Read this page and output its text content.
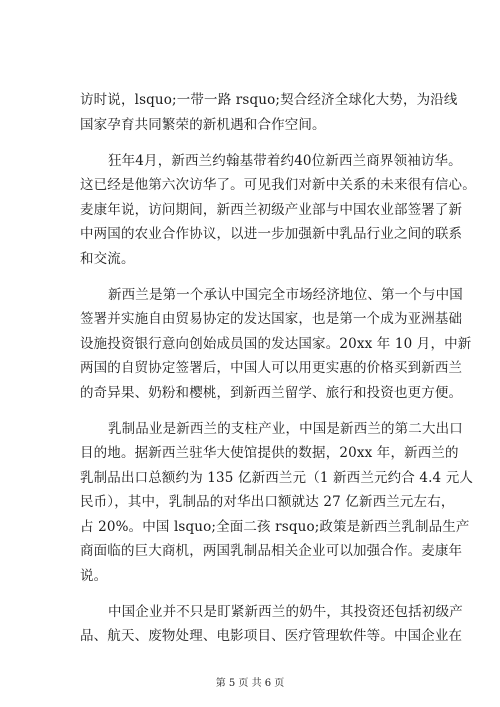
访时说，lsquo;一带一路 rsquo;契合经济全球化大势，为沿线
国家孕育共同繁荣的新机遇和合作空间。
狂年4月，新西兰约翰基带着约40位新西兰商界领袖访华。
这已经是他第六次访华了。可见我们对新中关系的未来很有信心。
麦康年说，访问期间，新西兰初级产业部与中国农业部签署了新
中两国的农业合作协议，以进一步加强新中乳品行业之间的联系
和交流。
新西兰是第一个承认中国完全市场经济地位、第一个与中国
签署并实施自由贸易协定的发达国家，也是第一个成为亚洲基础
设施投资银行意向创始成员国的发达国家。20xx 年 10 月，中新
两国的自贸协定签署后，中国人可以用更实惠的价格买到新西兰
的奇异果、奶粉和樱桃，到新西兰留学、旅行和投资也更方便。
乳制品业是新西兰的支柱产业，中国是新西兰的第二大出口
目的地。据新西兰驻华大使馆提供的数据，20xx 年，新西兰的
乳制品出口总额约为 135 亿新西兰元（1 新西兰元约合 4.4 元人
民币），其中，乳制品的对华出口额就达 27 亿新西兰元左右，
占 20%。中国 lsquo;全面二孩 rsquo;政策是新西兰乳制品生产
商面临的巨大商机，两国乳制品相关企业可以加强合作。麦康年
说。
中国企业并不只是盯紧新西兰的奶牛，其投资还包括初级产
品、航天、废物处理、电影项目、医疗管理软件等。中国企业在
第 5 页 共 6 页
